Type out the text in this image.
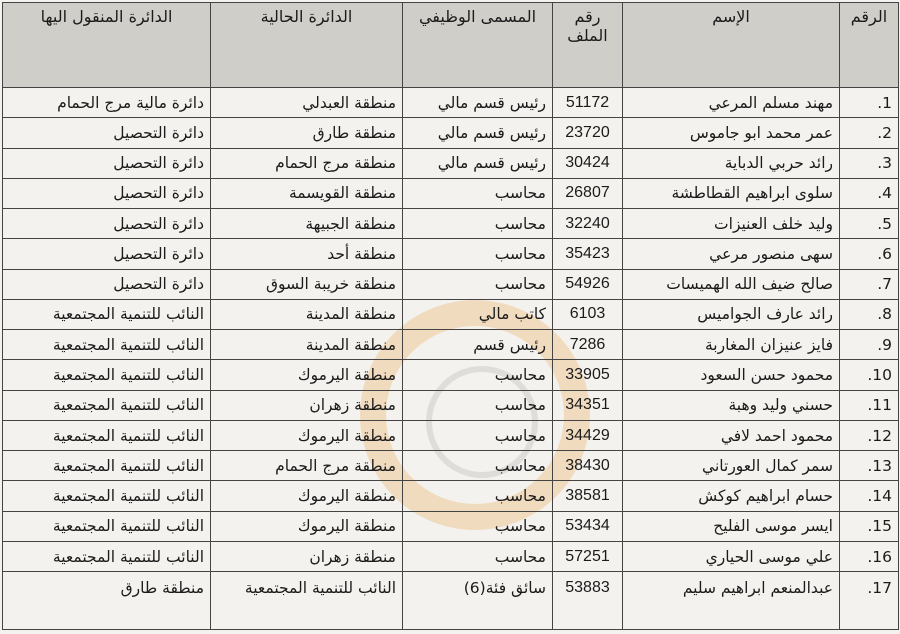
الرقم	الإسم	رقم الملف	المسمى الوظيفي	الدائرة الحالية	الدائرة المنقول اليها
1.	مهند مسلم المرعي	51172	رئيس قسم مالي	منطقة العبدلي	دائرة مالية مرج الحمام
2.	عمر محمد ابو جاموس	23720	رئيس قسم مالي	منطقة طارق	دائرة التحصيل
3.	رائد حربي الدباية	30424	رئيس قسم مالي	منطقة مرج الحمام	دائرة التحصيل
4.	سلوى ابراهيم القطاطشة	26807	محاسب	منطقة القويسمة	دائرة التحصيل
5.	وليد خلف العنيزات	32240	محاسب	منطقة الجبيهة	دائرة التحصيل
6.	سهى منصور مرعي	35423	محاسب	منطقة أحد	دائرة التحصيل
7.	صالح ضيف الله الهميسات	54926	محاسب	منطقة خريبة السوق	دائرة التحصيل
8.	رائد عارف الجواميس	6103	كاتب مالي	منطقة المدينة	النائب للتنمية المجتمعية
9.	فايز عنيزان المغاربة	7286	رئيس قسم	منطقة المدينة	النائب للتنمية المجتمعية
10.	محمود حسن السعود	33905	محاسب	منطقة اليرموك	النائب للتنمية المجتمعية
11.	حسني وليد وهبة	34351	محاسب	منطقة زهران	النائب للتنمية المجتمعية
12.	محمود احمد لافي	34429	محاسب	منطقة اليرموك	النائب للتنمية المجتمعية
13.	سمر كمال العورتاني	38430	محاسب	منطقة مرج الحمام	النائب للتنمية المجتمعية
14.	حسام ابراهيم كوكش	38581	محاسب	منطقة اليرموك	النائب للتنمية المجتمعية
15.	ايسر موسى الفليح	53434	محاسب	منطقة اليرموك	النائب للتنمية المجتمعية
16.	علي موسى الحياري	57251	محاسب	منطقة زهران	النائب للتنمية المجتمعية
17.	عبدالمنعم ابراهيم سليم	53883	سائق فئة(6)	النائب للتنمية المجتمعية	منطقة طارق
